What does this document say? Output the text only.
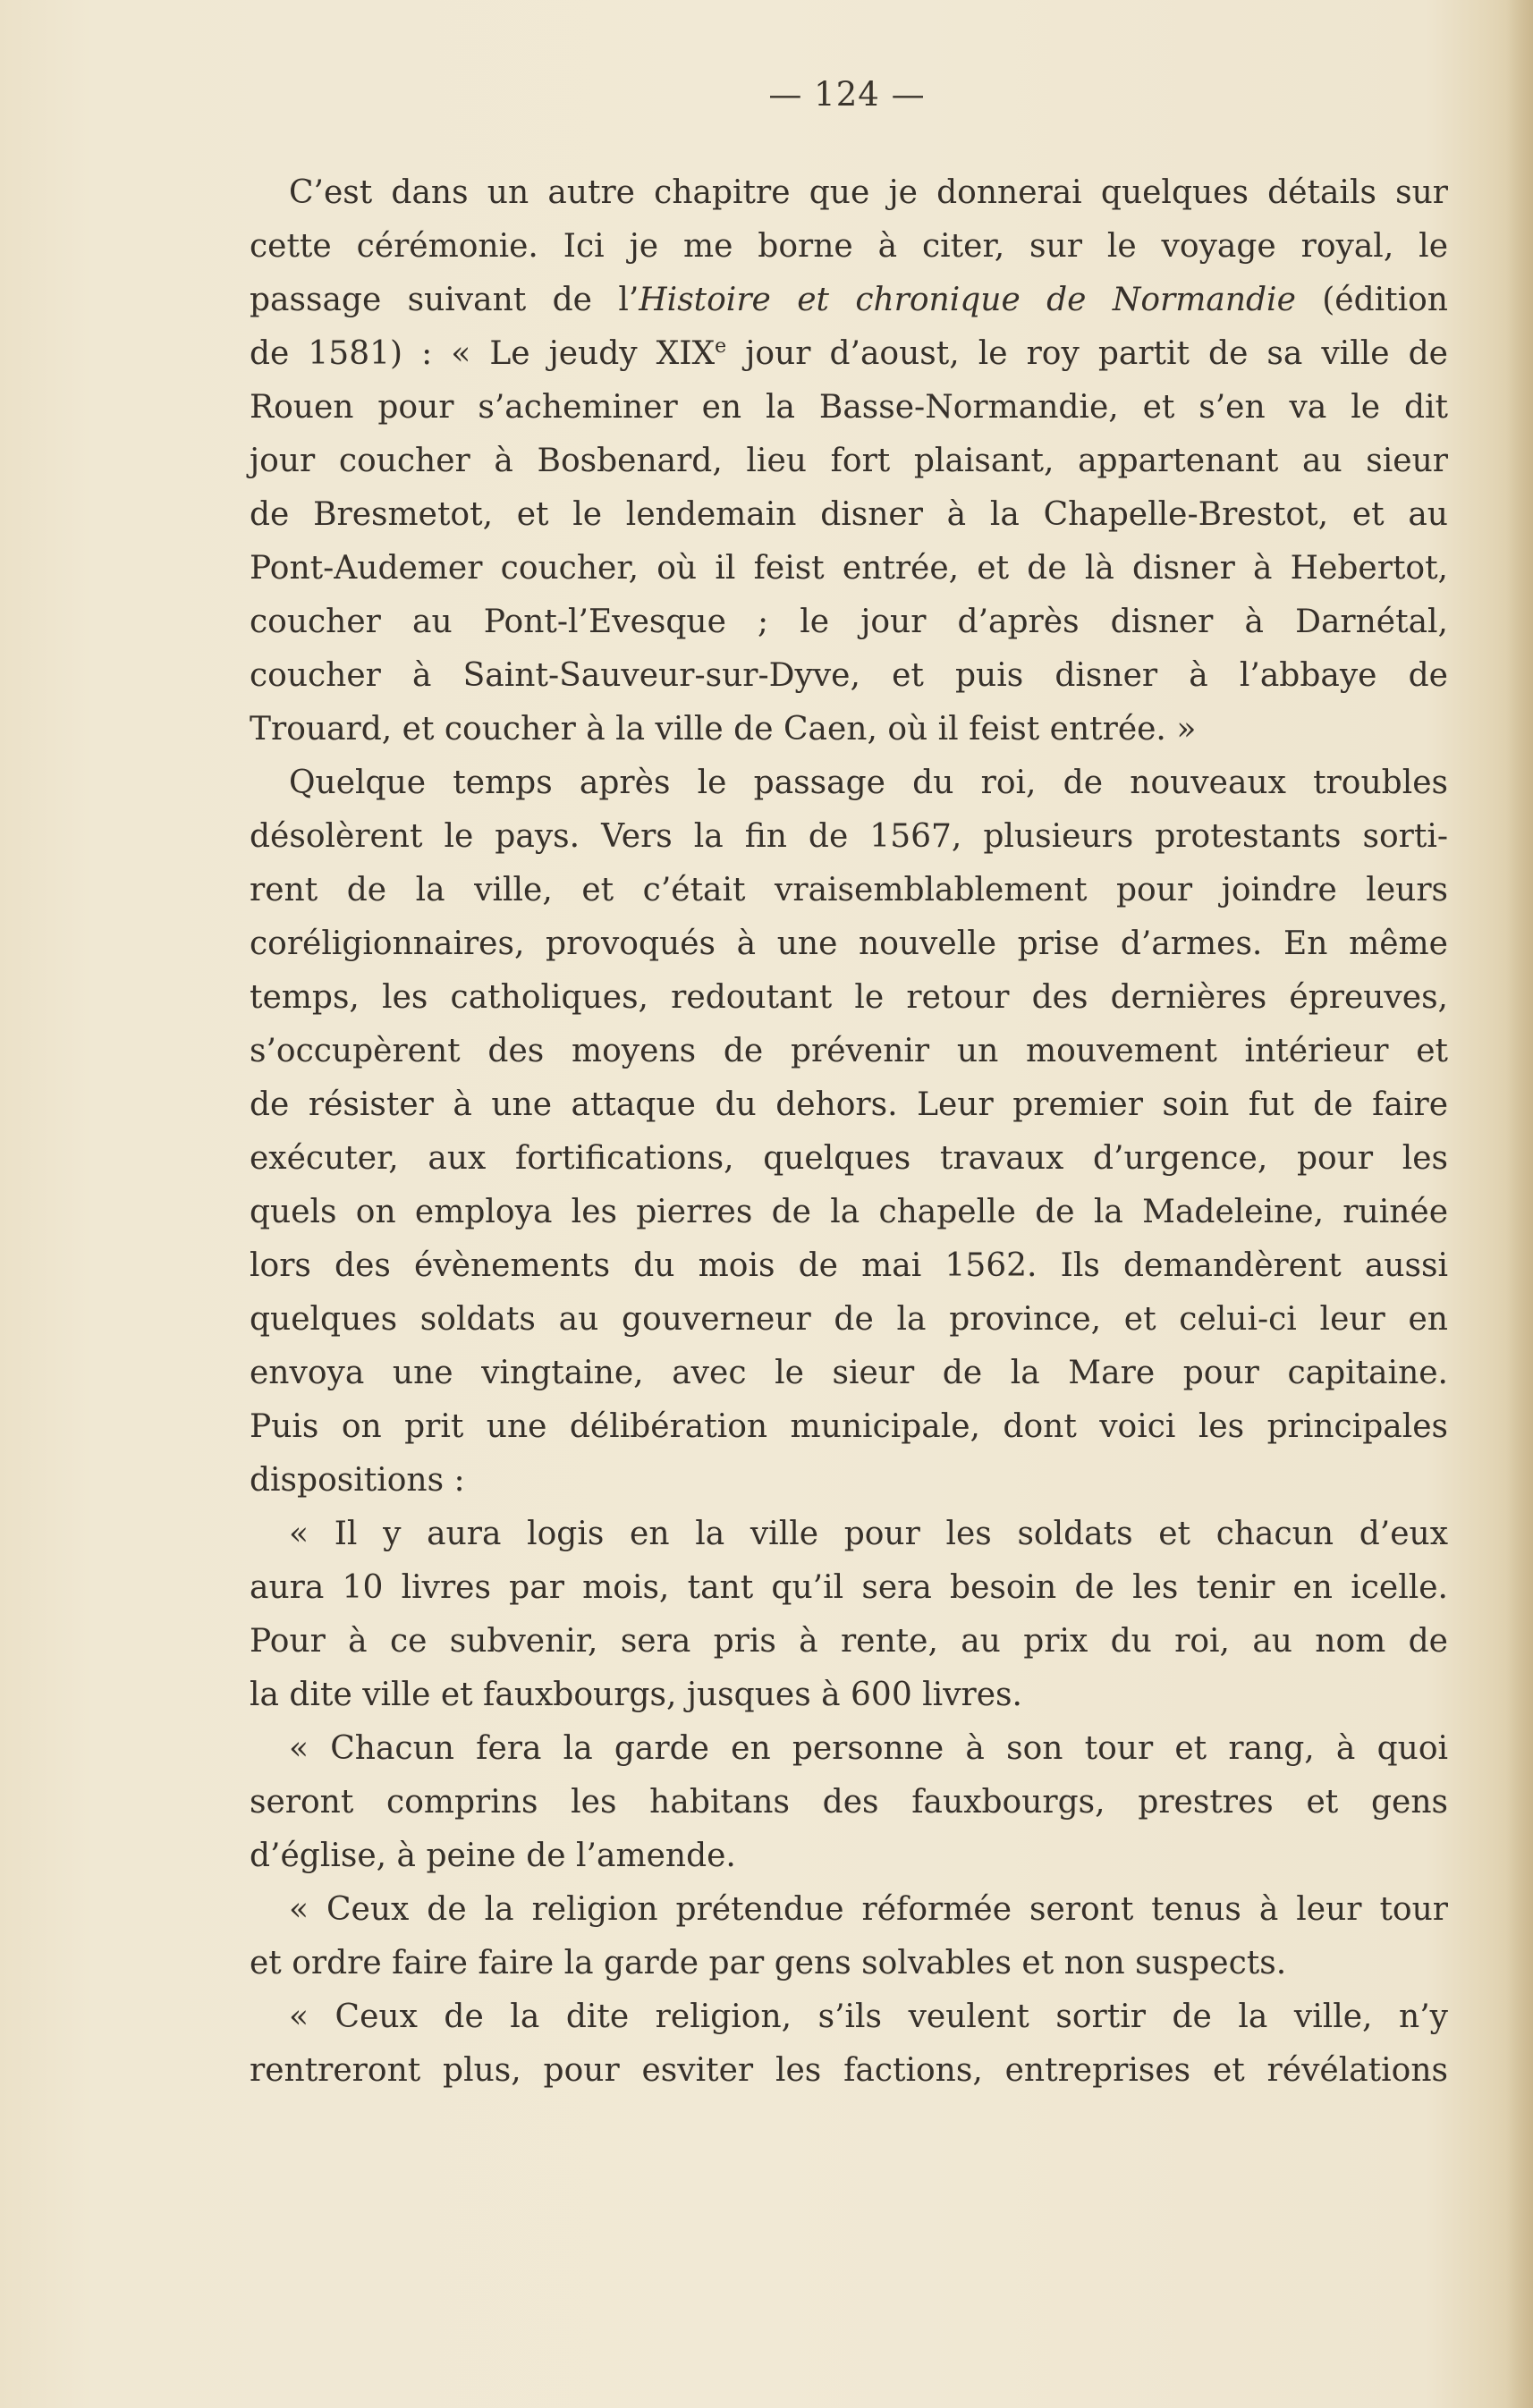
— 124 —
C’est dans un autre chapitre que je donnerai quelques détails sur
cette cérémonie. Ici je me borne à citer, sur le voyage royal, le
passage suivant de l’Histoire et chronique de Normandie (édition
de 1581) : « Le jeudy XIXe jour d’aoust, le roy partit de sa ville de
Rouen pour s’acheminer en la Basse-Normandie, et s’en va le dit
jour coucher à Bosbenard, lieu fort plaisant, appartenant au sieur
de Bresmetot, et le lendemain disner à la Chapelle-Brestot, et au
Pont-Audemer coucher, où il feist entrée, et de là disner à Hebertot,
coucher au Pont-l’Evesque ; le jour d’après disner à Darnétal,
coucher à Saint-Sauveur-sur-Dyve, et puis disner à l’abbaye de
Trouard, et coucher à la ville de Caen, où il feist entrée. »
Quelque temps après le passage du roi, de nouveaux troubles
désolèrent le pays. Vers la fin de 1567, plusieurs protestants sorti-
rent de la ville, et c’était vraisemblablement pour joindre leurs
coréligionnaires, provoqués à une nouvelle prise d’armes. En même
temps, les catholiques, redoutant le retour des dernières épreuves,
s’occupèrent des moyens de prévenir un mouvement intérieur et
de résister à une attaque du dehors. Leur premier soin fut de faire
exécuter, aux fortifications, quelques travaux d’urgence, pour les
quels on employa les pierres de la chapelle de la Madeleine, ruinée
lors des évènements du mois de mai 1562. Ils demandèrent aussi
quelques soldats au gouverneur de la province, et celui-ci leur en
envoya une vingtaine, avec le sieur de la Mare pour capitaine.
Puis on prit une délibération municipale, dont voici les principales
dispositions :
« Il y aura logis en la ville pour les soldats et chacun d’eux
aura 10 livres par mois, tant qu’il sera besoin de les tenir en icelle.
Pour à ce subvenir, sera pris à rente, au prix du roi, au nom de
la dite ville et fauxbourgs, jusques à 600 livres.
« Chacun fera la garde en personne à son tour et rang, à quoi
seront comprins les habitans des fauxbourgs, prestres et gens
d’église, à peine de l’amende.
« Ceux de la religion prétendue réformée seront tenus à leur tour
et ordre faire faire la garde par gens solvables et non suspects.
« Ceux de la dite religion, s’ils veulent sortir de la ville, n’y
rentreront plus, pour esviter les factions, entreprises et révélations
